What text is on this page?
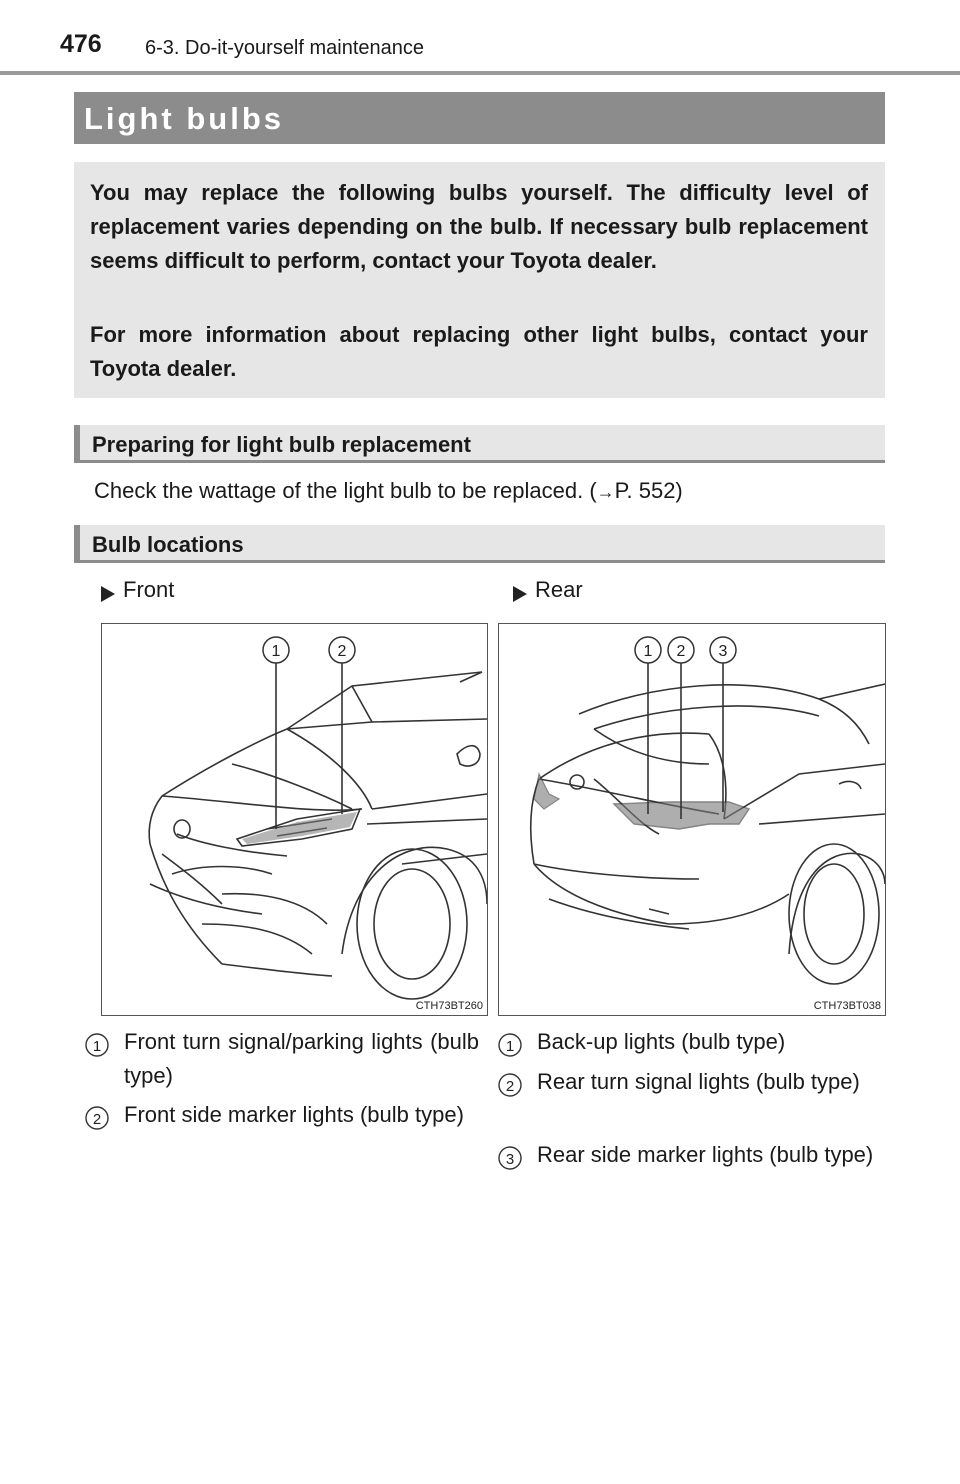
476 6-3. Do-it-yourself maintenance
Light bulbs

You may replace the following bulbs yourself. The difficulty level of replacement varies depending on the bulb. If necessary bulb replacement seems difficult to perform, contact your Toyota dealer.

For more information about replacing other light bulbs, contact your Toyota dealer.

Preparing for light bulb replacement
Check the wattage of the light bulb to be replaced. (→P. 552)
Bulb locations
Front	Rear
1	2
CTH73BT260
1 2 3
CTH73BT038
1 Front turn signal/parking lights (bulb type)
2 Front side marker lights (bulb type)
1 Back-up lights (bulb type)
2 Rear turn signal lights (bulb type)
3 Rear side marker lights (bulb type)
